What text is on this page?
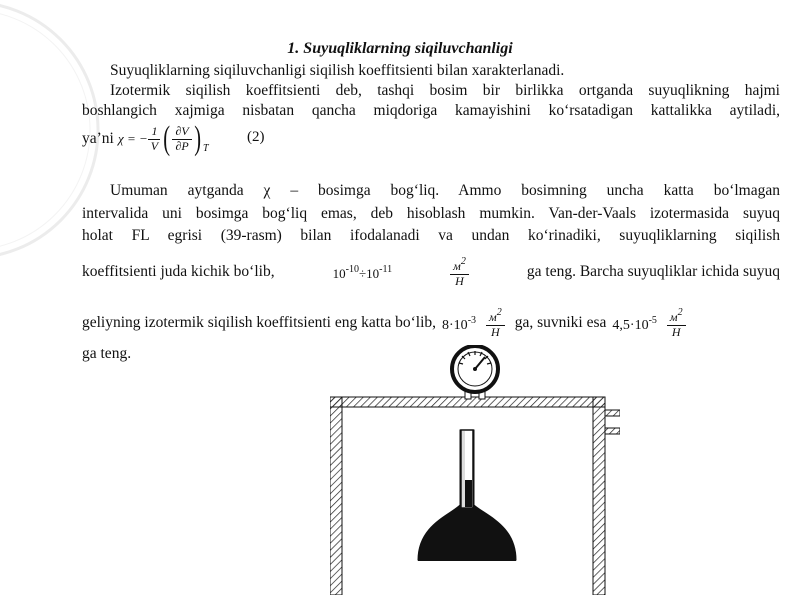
1. Suyuqliklarning siqiluvchanligi

Suyuqliklarning siqiluvchanligi siqilish koeffitsienti bilan xarakterlanadi.

Izotermik siqilish koeffitsienti deb, tashqi bosim bir birlikka ortganda suyuqlikning hajmi

boshlangich xajmiga nisbatan qancha miqdoriga kamayishini koʻrsatadigan kattalikka aytiladi,

yaʼni χ = − $\frac{1}{V}$ ( $\frac{\partial V}{\partial P}$ ) T
(2)

Umuman aytganda χ – bosimga bogʻliq. Ammo bosimning uncha katta boʻlmagan

intervalida uni bosimga bogʻliq emas, deb hisoblash mumkin. Van-der-Vaals izotermasida suyuq

holat FL egrisi (39-rasm) bilan ifodalanadi va undan koʻrinadiki, suyuqliklarning siqilish

koeffitsienti juda kichik boʻlib,	$10^{-10}\div 10^{-11}$	$\frac{м^2}{Н}$	ga teng. Barcha suyuqliklar ichida suyuq

geliyning izotermik siqilish koeffitsienti eng katta boʻlib, $8\cdot 10^{-3} \frac{м^2}{Н}$ ga, suvniki esa $4,5\cdot 10^{-5} \frac{м^2}{Н}$

ga teng.
